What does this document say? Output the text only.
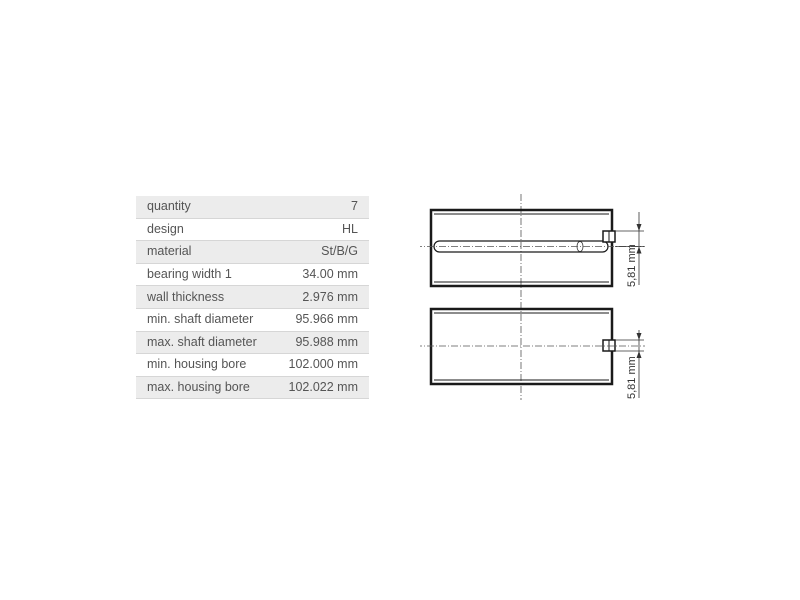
quantity	7
design	HL
material	St/B/G
bearing width 1	34.00 mm
wall thickness	2.976 mm
min. shaft diameter	95.966 mm
max. shaft diameter	95.988 mm
min. housing bore	102.000 mm
max. housing bore	102.022 mm
5,81 mm
5,81 mm
